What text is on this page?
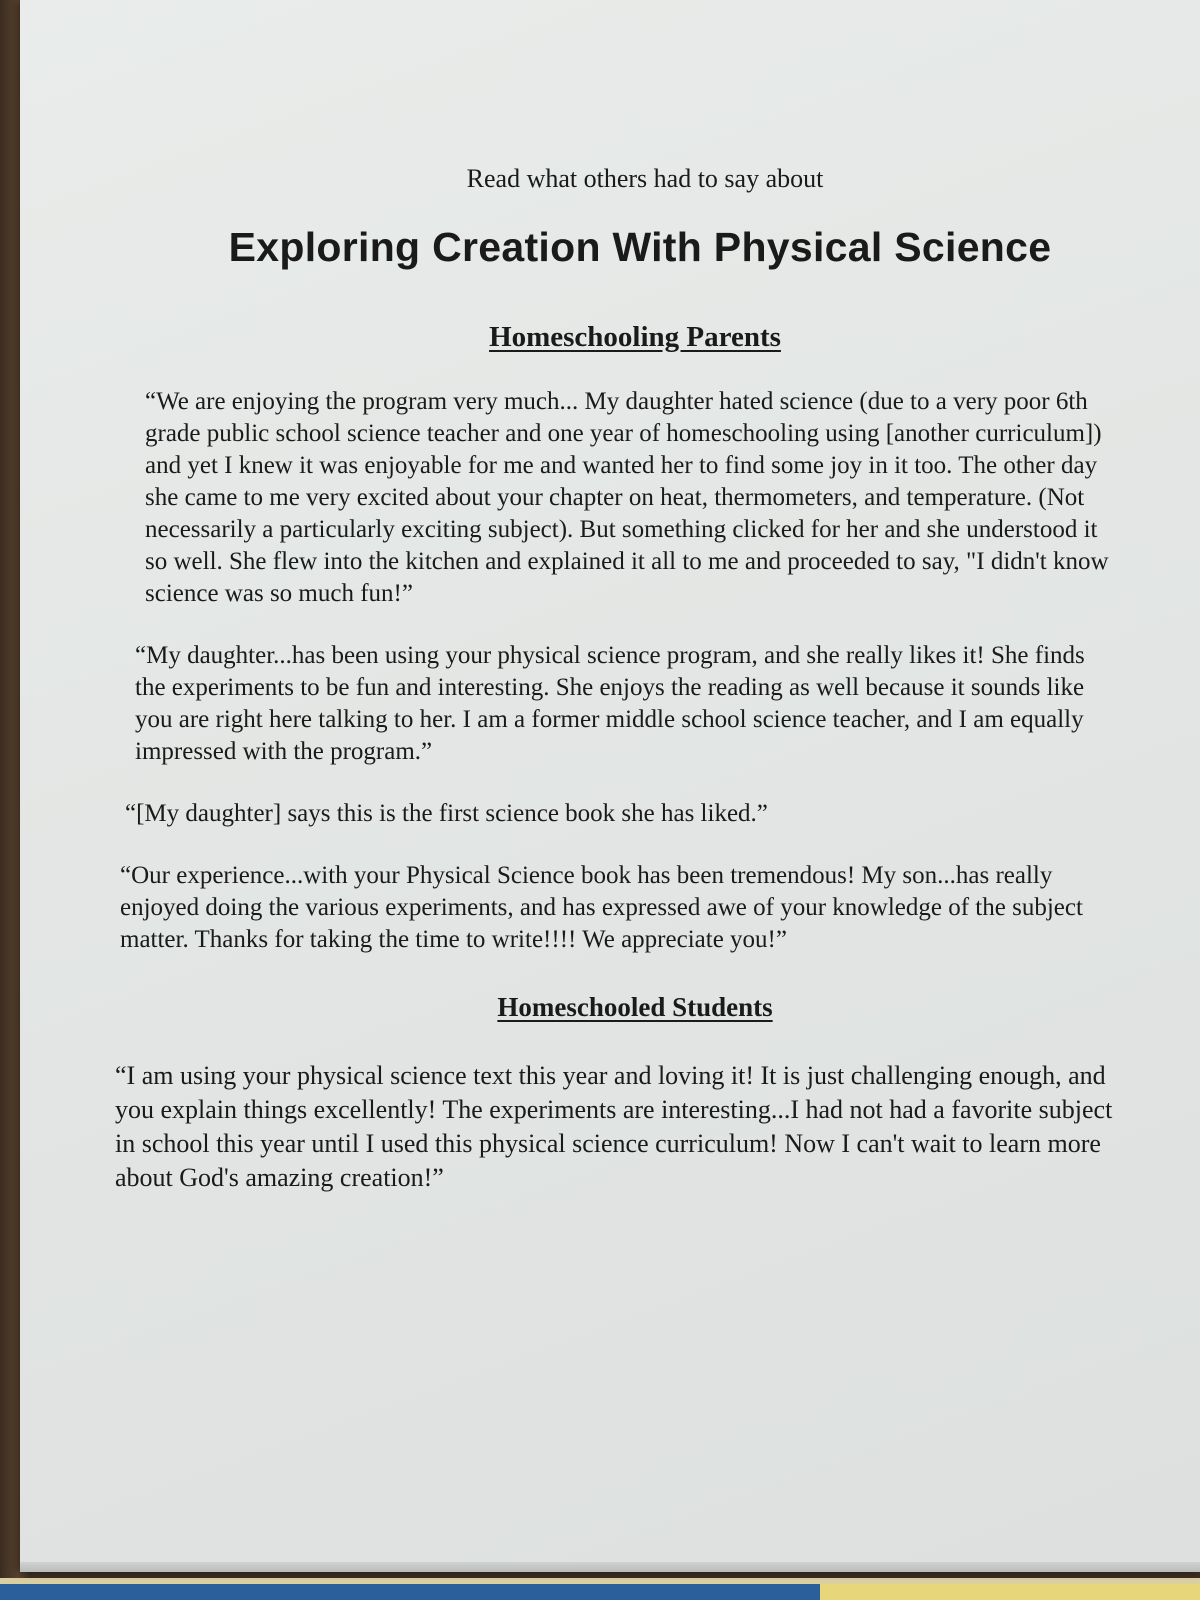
Read what others had to say about

Exploring Creation With Physical Science
Homeschooling Parents

“We are enjoying the program very much... My daughter hated science (due to a very poor 6th grade public school science teacher and one year of homeschooling using [another curriculum]) and yet I knew it was enjoyable for me and wanted her to find some joy in it too. The other day she came to me very excited about your chapter on heat, thermometers, and temperature. (Not necessarily a particularly exciting subject). But something clicked for her and she understood it so well. She flew into the kitchen and explained it all to me and proceeded to say, "I didn't know science was so much fun!”

“My daughter...has been using your physical science program, and she really likes it! She finds the experiments to be fun and interesting. She enjoys the reading as well because it sounds like you are right here talking to her. I am a former middle school science teacher, and I am equally impressed with the program.”

“[My daughter] says this is the first science book she has liked.”

“Our experience...with your Physical Science book has been tremendous! My son...has really enjoyed doing the various experiments, and has expressed awe of your knowledge of the subject matter. Thanks for taking the time to write!!!! We appreciate you!”

Homeschooled Students

“I am using your physical science text this year and loving it! It is just challenging enough, and you explain things excellently! The experiments are interesting...I had not had a favorite subject in school this year until I used this physical science curriculum! Now I can't wait to learn more about God's amazing creation!”
